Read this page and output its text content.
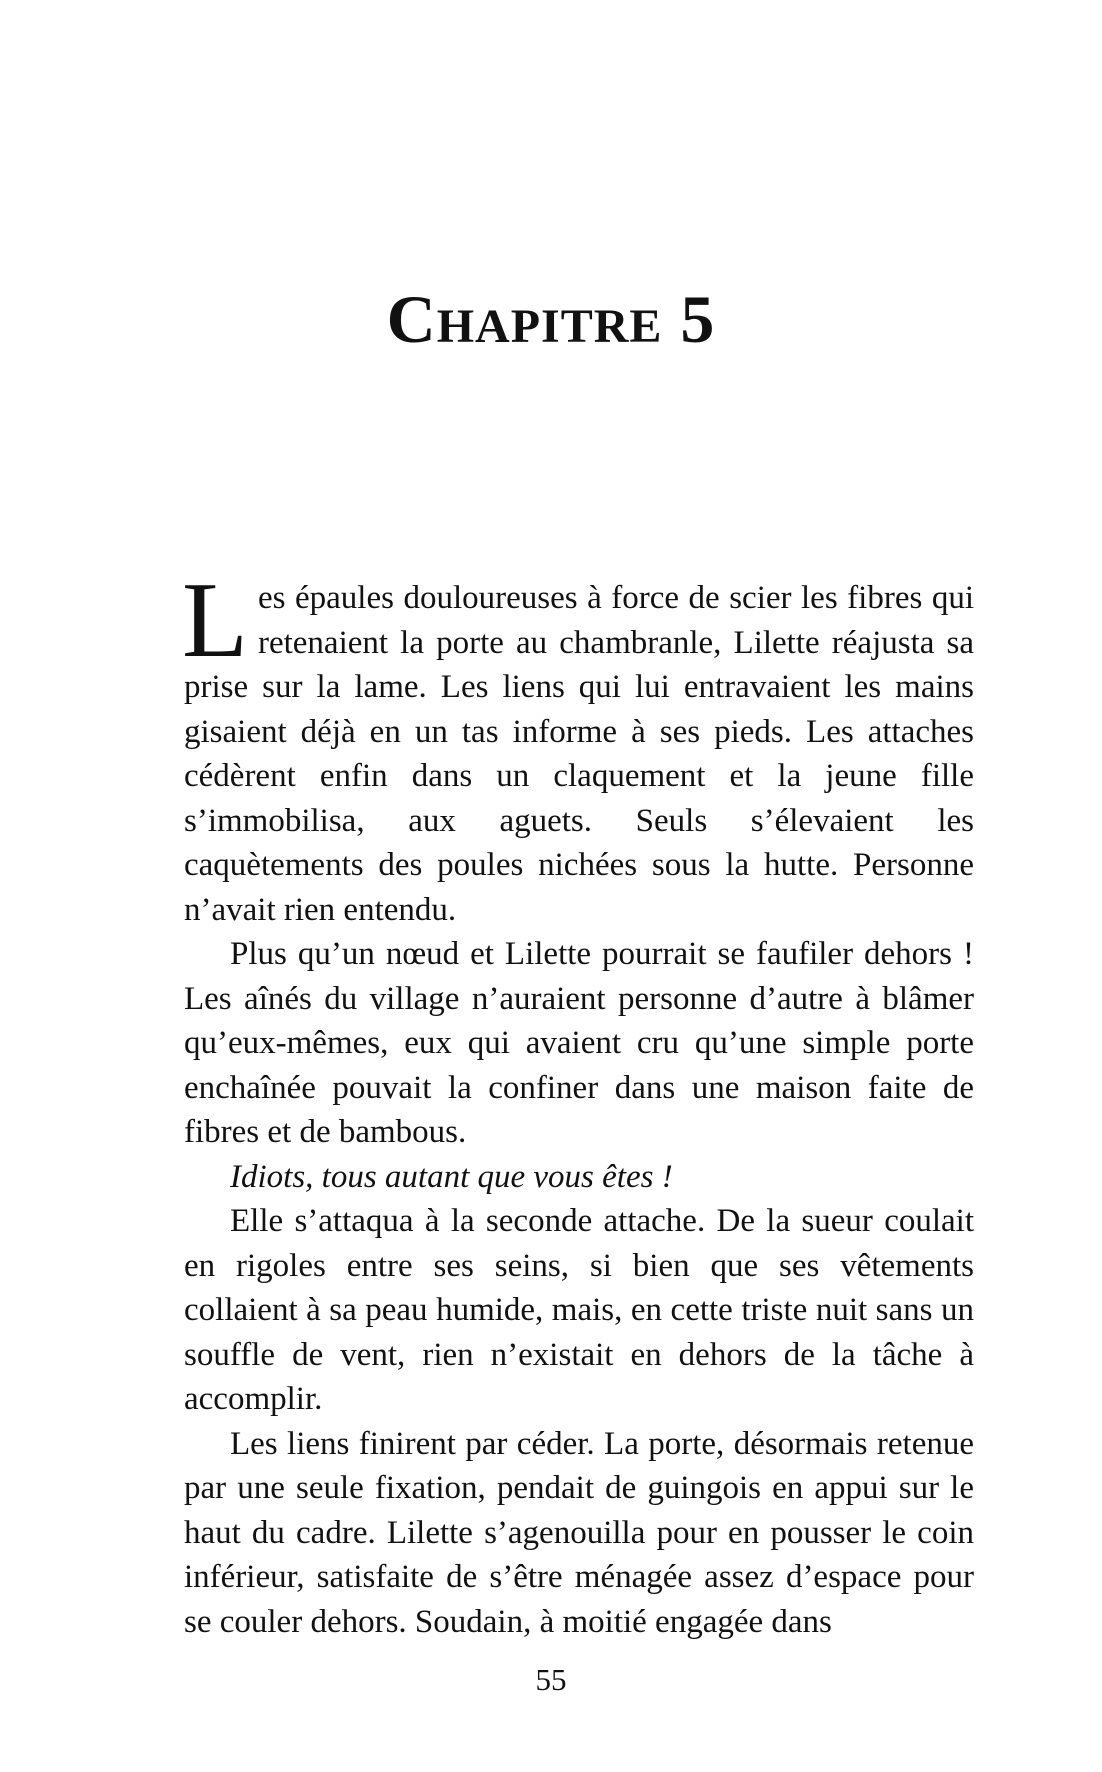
Chapitre 5

Les épaules douloureuses à force de scier les fibres qui retenaient la porte au chambranle, Lilette réajusta sa prise sur la lame. Les liens qui lui entravaient les mains gisaient déjà en un tas informe à ses pieds. Les attaches cédèrent enfin dans un claquement et la jeune fille s’immobilisa, aux aguets. Seuls s’élevaient les caquètements des poules nichées sous la hutte. Personne n’avait rien entendu.

Plus qu’un nœud et Lilette pourrait se faufiler dehors ! Les aînés du village n’auraient personne d’autre à blâmer qu’eux-mêmes, eux qui avaient cru qu’une simple porte enchaînée pouvait la confiner dans une maison faite de fibres et de bambous.

Idiots, tous autant que vous êtes !

Elle s’attaqua à la seconde attache. De la sueur coulait en rigoles entre ses seins, si bien que ses vêtements collaient à sa peau humide, mais, en cette triste nuit sans un souffle de vent, rien n’existait en dehors de la tâche à accomplir.

Les liens finirent par céder. La porte, désormais retenue par une seule fixation, pendait de guingois en appui sur le haut du cadre. Lilette s’agenouilla pour en pousser le coin inférieur, satisfaite de s’être ménagée assez d’espace pour se couler dehors. Soudain, à moitié engagée dans

55
